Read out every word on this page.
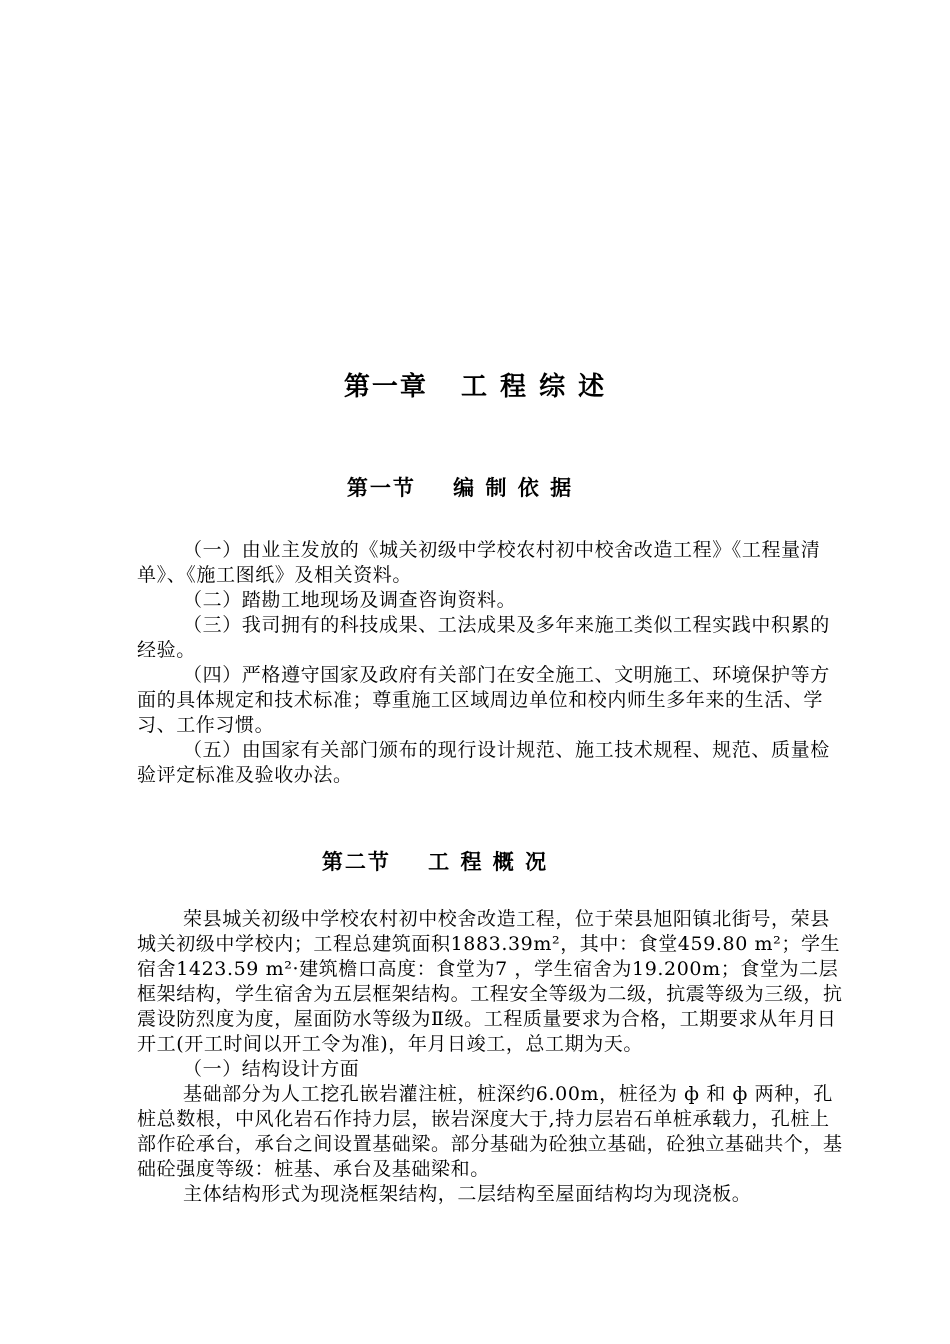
第一章   工 程 综 述
第一节    编 制 依 据

（一）由业主发放的《城关初级中学校农村初中校舍改造工程》《工程量清单》、《施工图纸》及相关资料。

（二）踏勘工地现场及调查咨询资料。

（三）我司拥有的科技成果、工法成果及多年来施工类似工程实践中积累的经验。

（四）严格遵守国家及政府有关部门在安全施工、文明施工、环境保护等方面的具体规定和技术标准；尊重施工区域周边单位和校内师生多年来的生活、学习、工作习惯。

（五）由国家有关部门颁布的现行设计规范、施工技术规程、规范、质量检验评定标准及验收办法。

第二节    工 程 概 况

荣县城关初级中学校农村初中校舍改造工程，位于荣县旭阳镇北街号，荣县城关初级中学校内；工程总建筑面积1883.39m²，其中：食堂459.80 m²；学生宿舍1423.59 m²·建筑檐口高度：食堂为7 ，学生宿舍为19.200m；食堂为二层框架结构，学生宿舍为五层框架结构。工程安全等级为二级，抗震等级为三级，抗震设防烈度为度，屋面防水等级为Ⅱ级。工程质量要求为合格，工期要求从年月日开工(开工时间以开工令为准)，年月日竣工，总工期为天。

（一）结构设计方面

基础部分为人工挖孔嵌岩灌注桩，桩深约6.00m，桩径为 ф 和 ф 两种，孔桩总数根，中风化岩石作持力层，嵌岩深度大于,持力层岩石单桩承载力，孔桩上部作砼承台，承台之间设置基础梁。部分基础为砼独立基础，砼独立基础共个，基础砼强度等级：桩基、承台及基础梁和。

主体结构形式为现浇框架结构，二层结构至屋面结构均为现浇板。
